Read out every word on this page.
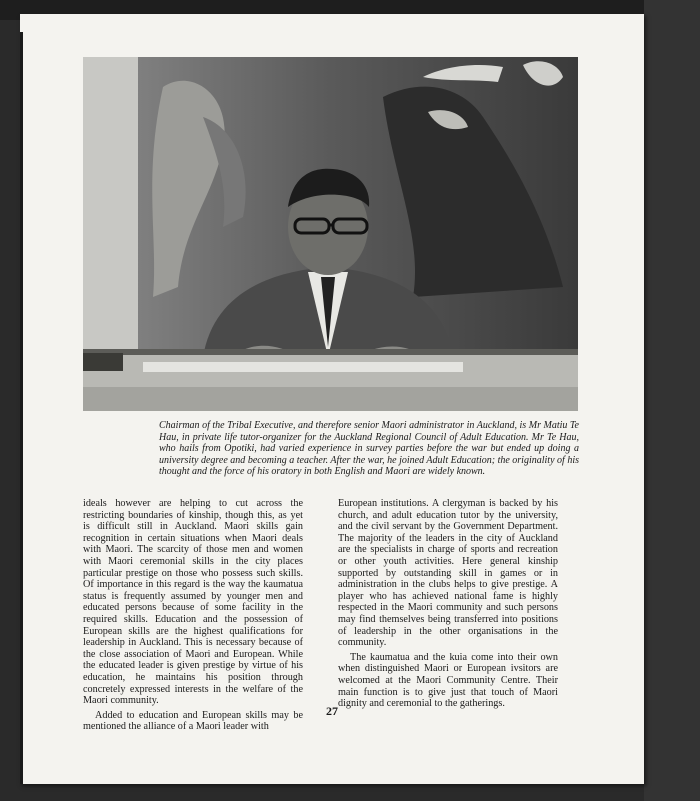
Chairman of the Tribal Executive, and therefore senior Maori administrator in Auckland, is Mr Matiu Te Hau, in private life tutor-organizer for the Auckland Regional Council of Adult Education. Mr Te Hau, who hails from Opotiki, had varied experience in survey parties before the war but ended up doing a university degree and becoming a teacher. After the war, he joined Adult Education; the originality of his thought and the force of his oratory in both English and Maori are widely known.

ideals however are helping to cut across the restricting boundaries of kinship, though this, as yet is difficult still in Auckland. Maori skills gain recognition in certain situations when Maori deals with Maori. The scarcity of those men and women with Maori ceremonial skills in the city places particular prestige on those who possess such skills. Of importance in this regard is the way the kaumatua status is frequently assumed by younger men and educated persons because of some facility in the required skills. Education and the possession of European skills are the highest qualifications for leadership in Auckland. This is necessary because of the close association of Maori and European. While the educated leader is given prestige by virtue of his education, he maintains his position through concretely expressed interests in the welfare of the Maori community.

Added to education and European skills may be mentioned the alliance of a Maori leader with

European institutions. A clergyman is backed by his church, and adult education tutor by the university, and the civil servant by the Government Department. The majority of the leaders in the city of Auckland are the specialists in charge of sports and recreation or other youth activities. Here general kinship supported by outstanding skill in games or in administration in the clubs helps to give prestige. A player who has achieved national fame is highly respected in the Maori community and such persons may find themselves being transferred into positions of leadership in the other organisations in the community.

The kaumatua and the kuia come into their own when distinguished Maori or European ivsitors are welcomed at the Maori Community Centre. Their main function is to give just that touch of Maori dignity and ceremonial to the gatherings.

27
